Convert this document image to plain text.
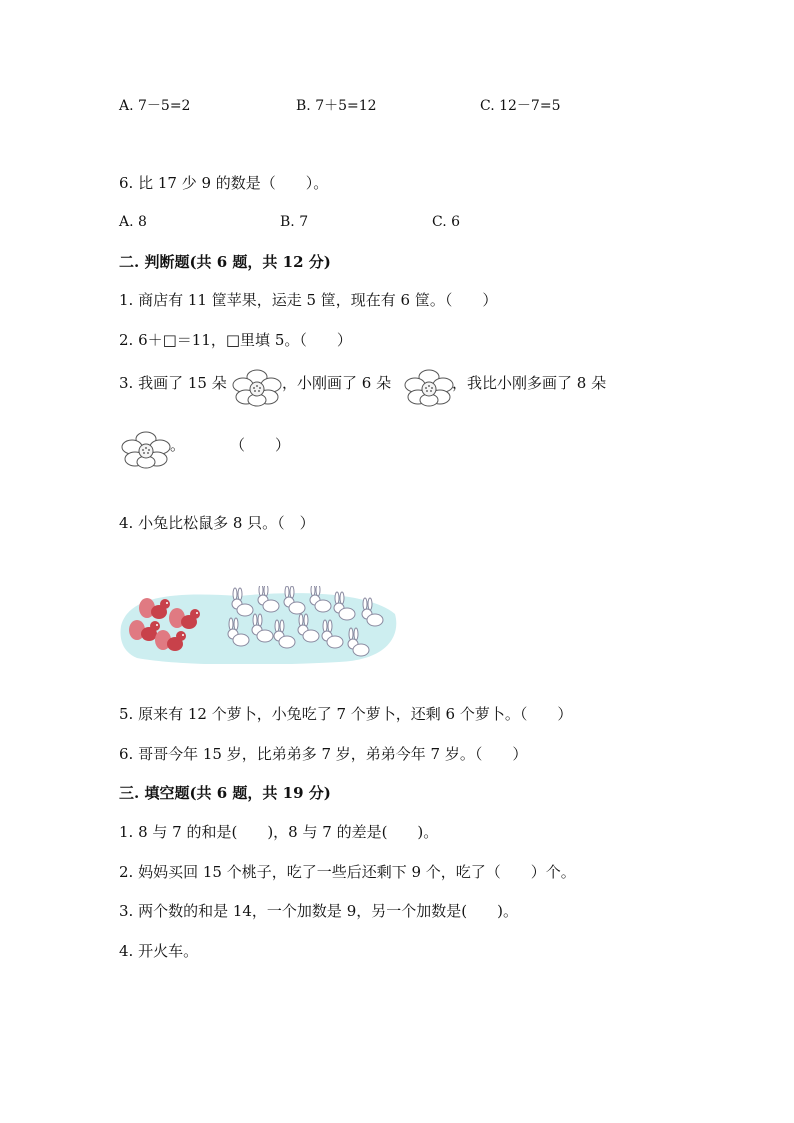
A. 7－5=2	B. 7＋5=12	C. 12－7=5
6. 比 17 少 9 的数是（　　）。
A. 8	B. 7	C. 6
二. 判断题(共 6 题，共 12 分)
1. 商店有 11 筐苹果，运走 5 筐，现在有 6 筐。（　　）
2. 6＋□＝11，□里填 5。（　　）
3. 我画了 15 朵	，小刚画了 6 朵	，我比小刚多画了 8 朵
。　　　　（　　）
4. 小兔比松鼠多 8 只。（　）
5. 原来有 12 个萝卜，小兔吃了 7 个萝卜，还剩 6 个萝卜。（　　）
6. 哥哥今年 15 岁，比弟弟多 7 岁，弟弟今年 7 岁。（　　）
三. 填空题(共 6 题，共 19 分)
1. 8 与 7 的和是(　　)，8 与 7 的差是(　　)。
2. 妈妈买回 15 个桃子，吃了一些后还剩下 9 个，吃了（　　）个。
3. 两个数的和是 14，一个加数是 9，另一个加数是(　　)。
4. 开火车。
